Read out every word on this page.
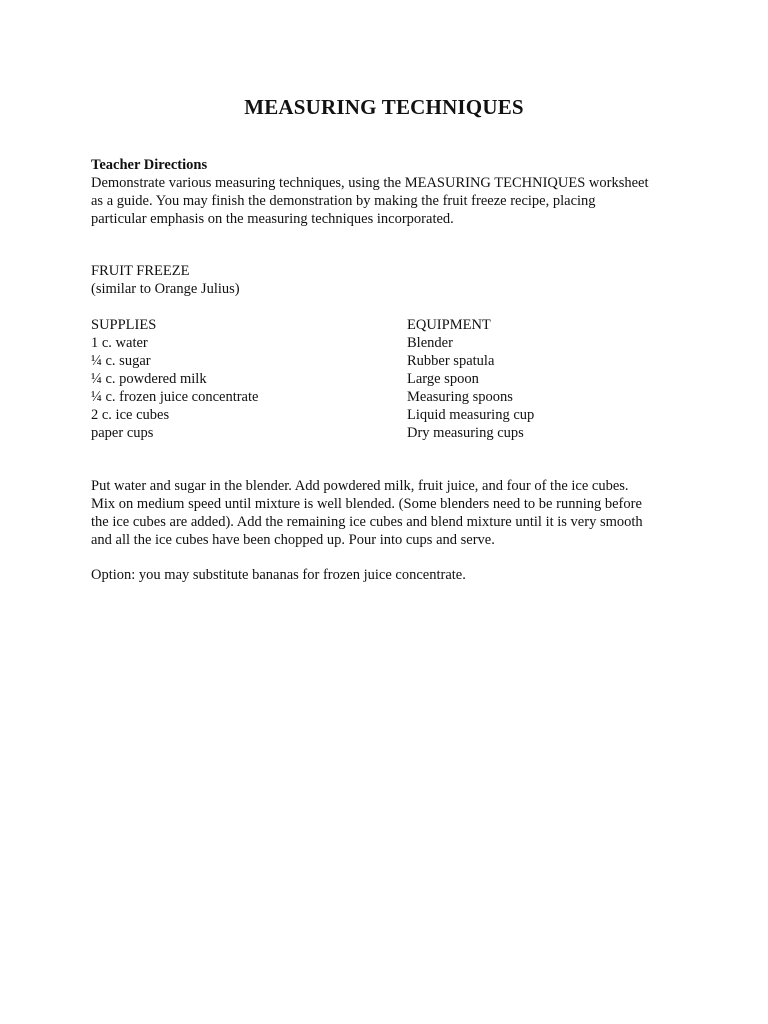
MEASURING TECHNIQUES
Teacher Directions
Demonstrate various measuring techniques, using the MEASURING TECHNIQUES worksheet
as a guide. You may finish the demonstration by making the fruit freeze recipe, placing
particular emphasis on the measuring techniques incorporated.
FRUIT FREEZE
(similar to Orange Julius)
SUPPLIES
1 c. water
¼ c. sugar
¼ c. powdered milk
¼ c. frozen juice concentrate
2 c. ice cubes
paper cups
EQUIPMENT
Blender
Rubber spatula
Large spoon
Measuring spoons
Liquid measuring cup
Dry measuring cups
Put water and sugar in the blender. Add powdered milk, fruit juice, and four of the ice cubes.
Mix on medium speed until mixture is well blended. (Some blenders need to be running before
the ice cubes are added). Add the remaining ice cubes and blend mixture until it is very smooth
and all the ice cubes have been chopped up. Pour into cups and serve.
Option: you may substitute bananas for frozen juice concentrate.
